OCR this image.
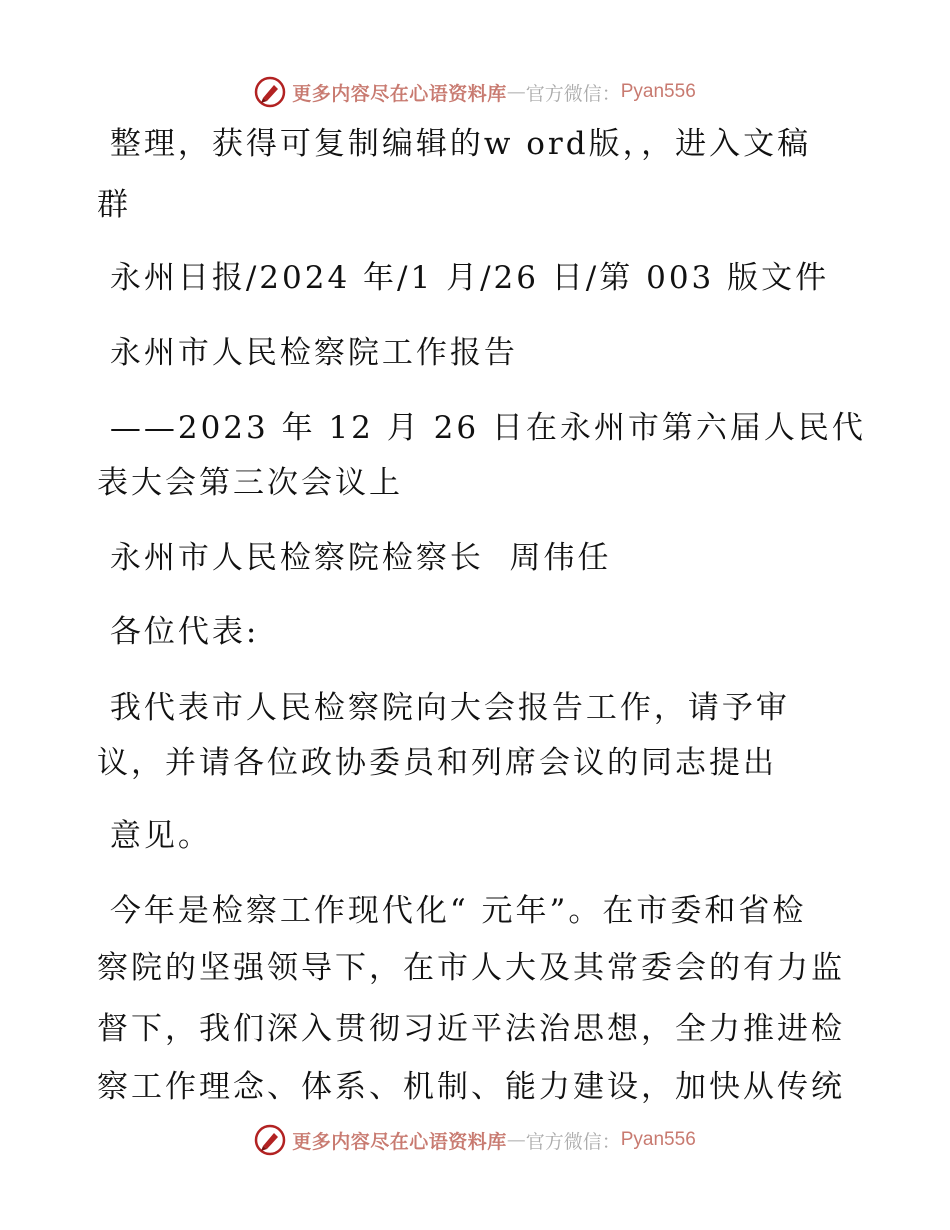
更多内容尽在心语资料库 — 官方微信： Pyan556
整理，获得可复制编辑的w ord版，，进入文稿
群
永州日报/2024 年/1 月/26 日/第 003 版文件
永州市人民检察院工作报告
——2023 年 12 月 26 日在永州市第六届人民代
表大会第三次会议上
永州市人民检察院检察长  周伟任
各位代表:
我代表市人民检察院向大会报告工作，请予审
议，并请各位政协委员和列席会议的同志提出
意见。
今年是检察工作现代化“ 元年”。在市委和省检
察院的坚强领导下，在市人大及其常委会的有力监
督下，我们深入贯彻习近平法治思想，全力推进检
察工作理念、体系、机制、能力建设，加快从传统
更多内容尽在心语资料库 — 官方微信： Pyan556
